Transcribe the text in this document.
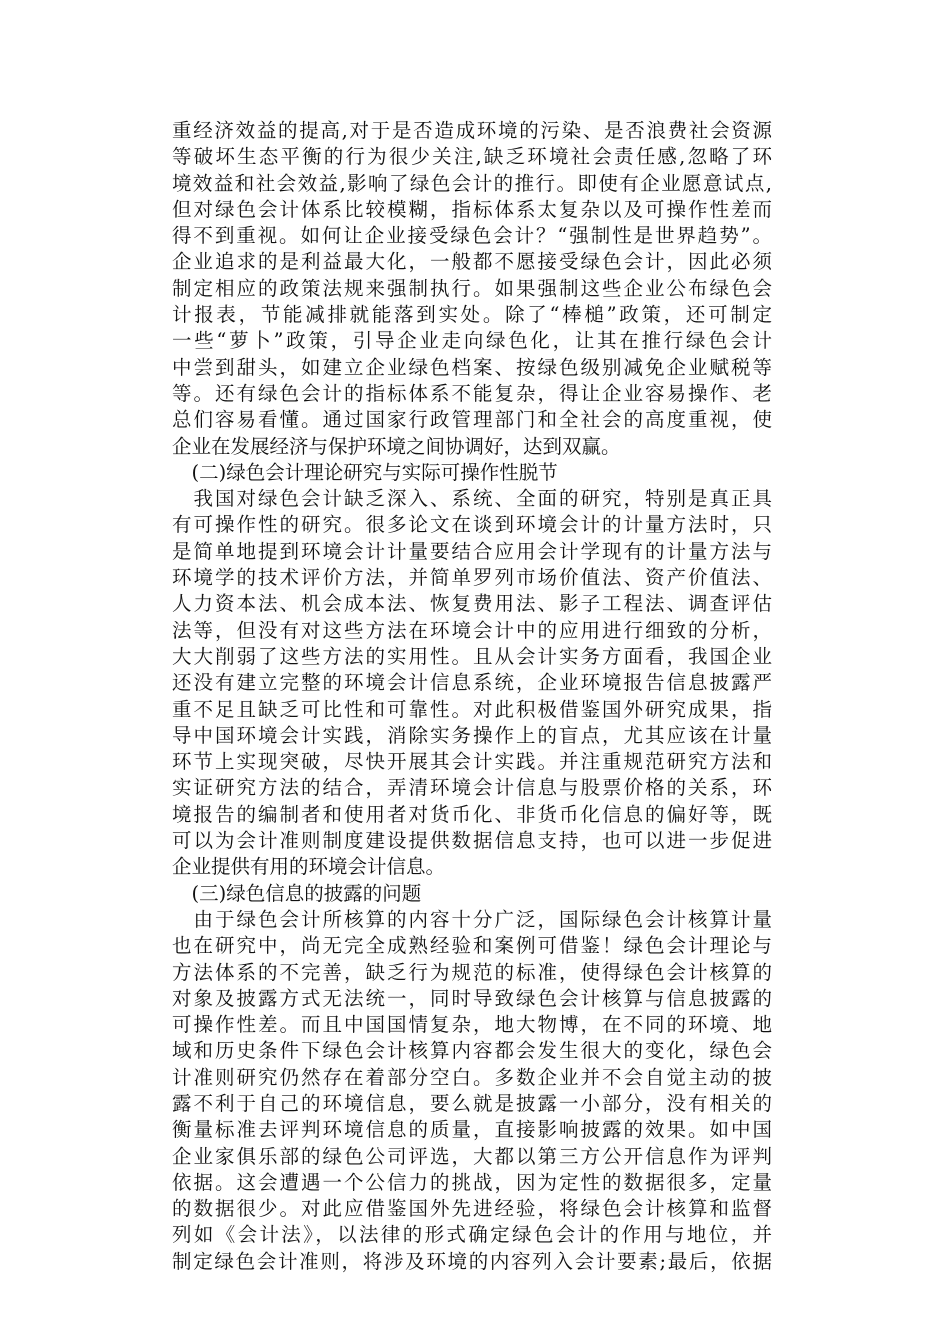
重经济效益的提高,对于是否造成环境的污染、是否浪费社会资源
等破坏生态平衡的行为很少关注,缺乏环境社会责任感,忽略了环
境效益和社会效益,影响了绿色会计的推行。即使有企业愿意试点,
但对绿色会计体系比较模糊，指标体系太复杂以及可操作性差而
得不到重视。如何让企业接受绿色会计？“强制性是世界趋势”。
企业追求的是利益最大化，一般都不愿接受绿色会计，因此必须
制定相应的政策法规来强制执行。如果强制这些企业公布绿色会
计报表，节能减排就能落到实处。除了“棒槌”政策，还可制定
一些“萝卜”政策，引导企业走向绿色化，让其在推行绿色会计
中尝到甜头，如建立企业绿色档案、按绿色级别减免企业赋税等
等。还有绿色会计的指标体系不能复杂，得让企业容易操作、老
总们容易看懂。通过国家行政管理部门和全社会的高度重视，使
企业在发展经济与保护环境之间协调好，达到双赢。
　(二)绿色会计理论研究与实际可操作性脱节
　我国对绿色会计缺乏深入、系统、全面的研究，特别是真正具
有可操作性的研究。很多论文在谈到环境会计的计量方法时，只
是简单地提到环境会计计量要结合应用会计学现有的计量方法与
环境学的技术评价方法，并简单罗列市场价值法、资产价值法、
人力资本法、机会成本法、恢复费用法、影子工程法、调查评估
法等，但没有对这些方法在环境会计中的应用进行细致的分析，
大大削弱了这些方法的实用性。且从会计实务方面看，我国企业
还没有建立完整的环境会计信息系统，企业环境报告信息披露严
重不足且缺乏可比性和可靠性。对此积极借鉴国外研究成果，指
导中国环境会计实践，消除实务操作上的盲点，尤其应该在计量
环节上实现突破，尽快开展其会计实践。并注重规范研究方法和
实证研究方法的结合，弄清环境会计信息与股票价格的关系，环
境报告的编制者和使用者对货币化、非货币化信息的偏好等，既
可以为会计准则制度建设提供数据信息支持，也可以进一步促进
企业提供有用的环境会计信息。
　(三)绿色信息的披露的问题
　由于绿色会计所核算的内容十分广泛，国际绿色会计核算计量
也在研究中，尚无完全成熟经验和案例可借鉴！绿色会计理论与
方法体系的不完善，缺乏行为规范的标准，使得绿色会计核算的
对象及披露方式无法统一，同时导致绿色会计核算与信息披露的
可操作性差。而且中国国情复杂，地大物博，在不同的环境、地
域和历史条件下绿色会计核算内容都会发生很大的变化，绿色会
计准则研究仍然存在着部分空白。多数企业并不会自觉主动的披
露不利于自己的环境信息，要么就是披露一小部分，没有相关的
衡量标准去评判环境信息的质量，直接影响披露的效果。如中国
企业家俱乐部的绿色公司评选，大都以第三方公开信息作为评判
依据。这会遭遇一个公信力的挑战，因为定性的数据很多，定量
的数据很少。对此应借鉴国外先进经验，将绿色会计核算和监督
列如《会计法》，以法律的形式确定绿色会计的作用与地位，并
制定绿色会计准则，将涉及环境的内容列入会计要素;最后，依据
